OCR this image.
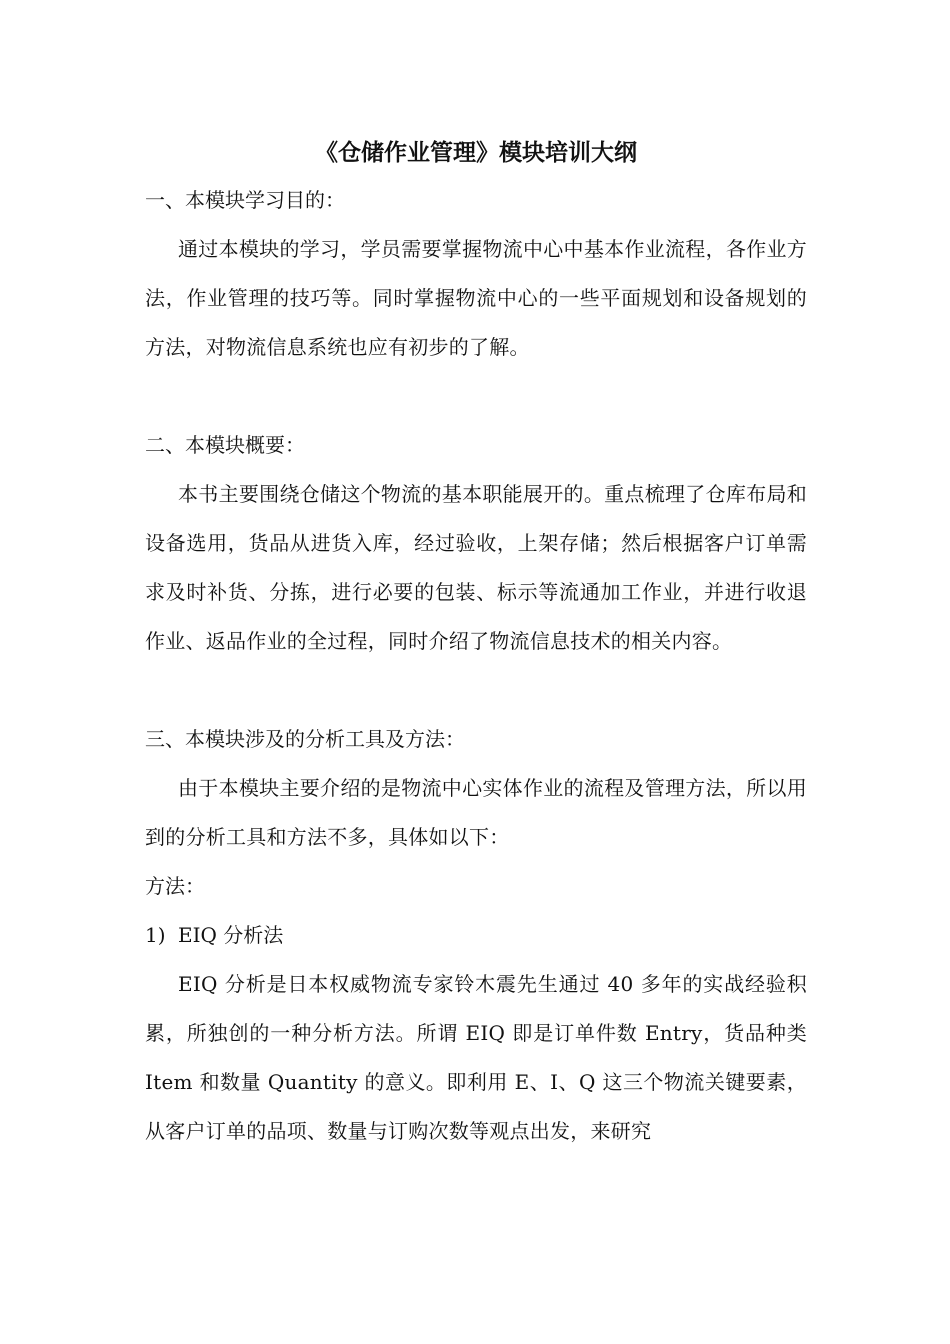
《仓储作业管理》模块培训大纲

一、本模块学习目的：

通过本模块的学习，学员需要掌握物流中心中基本作业流程，各作业方法，作业管理的技巧等。同时掌握物流中心的一些平面规划和设备规划的方法，对物流信息系统也应有初步的了解。

二、本模块概要：

本书主要围绕仓储这个物流的基本职能展开的。重点梳理了仓库布局和设备选用，货品从进货入库，经过验收，上架存储；然后根据客户订单需求及时补货、分拣，进行必要的包装、标示等流通加工作业，并进行收退作业、返品作业的全过程，同时介绍了物流信息技术的相关内容。

三、本模块涉及的分析工具及方法：

由于本模块主要介绍的是物流中心实体作业的流程及管理方法，所以用到的分析工具和方法不多，具体如以下：

方法：

1) EIQ 分析法

EIQ 分析是日本权威物流专家铃木震先生通过 40 多年的实战经验积累，所独创的一种分析方法。所谓 EIQ 即是订单件数 Entry，货品种类 Item 和数量 Quantity 的意义。即利用 E、I、Q 这三个物流关键要素，从客户订单的品项、数量与订购次数等观点出发，来研究
